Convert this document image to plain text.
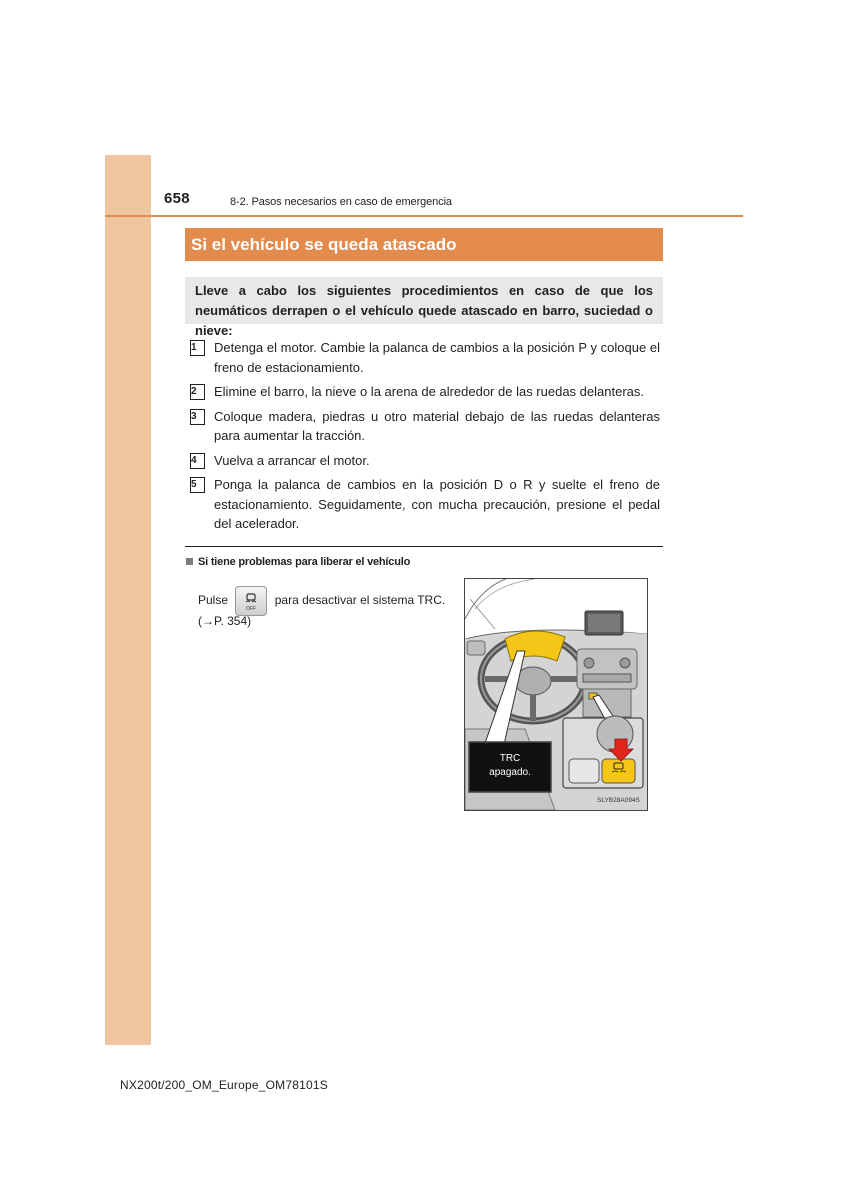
658	8-2. Pasos necesarios en caso de emergencia
Si el vehículo se queda atascado
Lleve a cabo los siguientes procedimientos en caso de que los neumáticos derrapen o el vehículo quede atascado en barro, suciedad o nieve:
1	Detenga el motor. Cambie la palanca de cambios a la posición P y coloque el freno de estacionamiento.
2	Elimine el barro, la nieve o la arena de alrededor de las ruedas delanteras.
3	Coloque madera, piedras u otro material debajo de las ruedas delanteras para aumentar la tracción.
4	Vuelva a arrancar el motor.
5	Ponga la palanca de cambios en la posición D o R y suelte el freno de estacionamiento. Seguidamente, con mucha precaución, presione el pedal del acelerador.
Si tiene problemas para liberar el vehículo
Pulse
OFF
para desactivar el sistema TRC.
(→P. 354)
TRC
apagado.
SLYB28A094S
NX200t/200_OM_Europe_OM78101S
